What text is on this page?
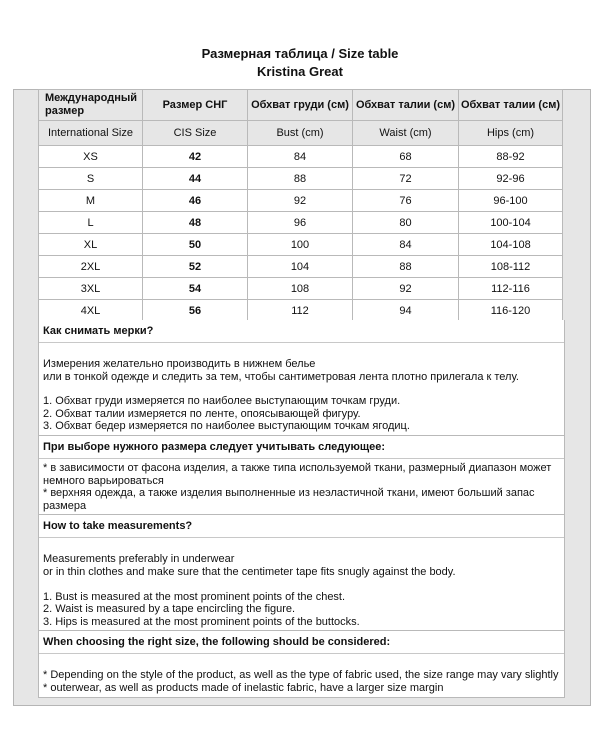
Размерная таблица / Size table
Kristina Great
Международный размер	Размер СНГ	Обхват груди (см)	Обхват талии (см)	Обхват талии (см)
International Size	CIS Size	Bust (cm)	Waist (cm)	Hips (cm)
XS	42	84	68	88-92
S	44	88	72	92-96
M	46	92	76	96-100
L	48	96	80	100-104
XL	50	100	84	104-108
2XL	52	104	88	108-112
3XL	54	108	92	112-116
4XL	56	112	94	116-120
Как снимать мерки?
Измерения желательно производить в нижнем белье
или в тонкой одежде и следить за тем, чтобы сантиметровая лента плотно прилегала к телу.
1. Обхват груди измеряется по наиболее выступающим точкам груди.
2. Обхват талии измеряется по ленте, опоясывающей фигуру.
3. Обхват бедер измеряется по наиболее выступающим точкам ягодиц.
При выборе нужного размера следует учитывать следующее:
* в зависимости от фасона изделия, а также типа используемой ткани, размерный диапазон может
немного варьироваться
* верхняя одежда, а также изделия выполненные из неэластичной ткани, имеют больший запас
размера
How to take measurements?
Measurements preferably in underwear
or in thin clothes and make sure that the centimeter tape fits snugly against the body.
1. Bust is measured at the most prominent points of the chest.
2. Waist is measured by a tape encircling the figure.
3. Hips is measured at the most prominent points of the buttocks.
When choosing the right size, the following should be considered:
* Depending on the style of the product, as well as the type of fabric used, the size range may vary slightly
* outerwear, as well as products made of inelastic fabric, have a larger size margin
